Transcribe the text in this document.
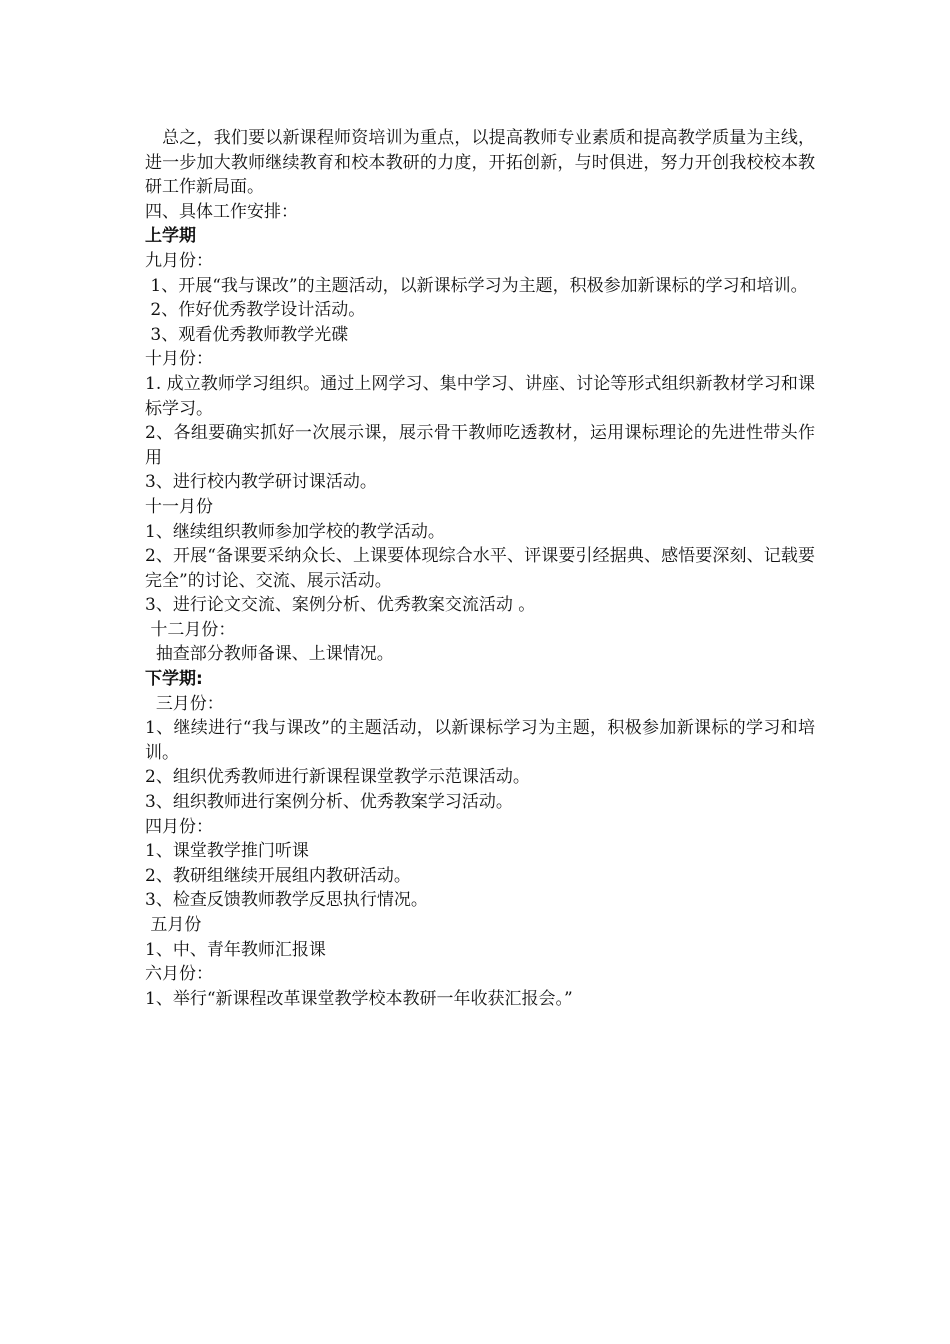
　总之，我们要以新课程师资培训为重点，以提高教师专业素质和提高教学质量为主线，进一步加大教师继续教育和校本教研的力度，开拓创新，与时俱进，努力开创我校校本教研工作新局面。

四、具体工作安排：

上学期

九月份：

1、开展“我与课改”的主题活动，以新课标学习为主题，积极参加新课标的学习和培训。

2、作好优秀教学设计活动。

3、观看优秀教师教学光碟

十月份：

1. 成立教师学习组织。通过上网学习、集中学习、讲座、讨论等形式组织新教材学习和课标学习。

2、各组要确实抓好一次展示课，展示骨干教师吃透教材，运用课标理论的先进性带头作用

3、进行校内教学研讨课活动。

十一月份

1、继续组织教师参加学校的教学活动。

2、开展“备课要采纳众长、上课要体现综合水平、评课要引经据典、感悟要深刻、记载要完全”的讨论、交流、展示活动。

3、进行论文交流、案例分析、优秀教案交流活动 。

十二月份：

抽查部分教师备课、上课情况。

下学期:

三月份：

1、继续进行“我与课改”的主题活动，以新课标学习为主题，积极参加新课标的学习和培训。

2、组织优秀教师进行新课程课堂教学示范课活动。

3、组织教师进行案例分析、优秀教案学习活动。

四月份：

1、课堂教学推门听课

2、教研组继续开展组内教研活动。

3、检查反馈教师教学反思执行情况。

五月份

1、中、青年教师汇报课

六月份：

1、举行“新课程改革课堂教学校本教研一年收获汇报会。”
